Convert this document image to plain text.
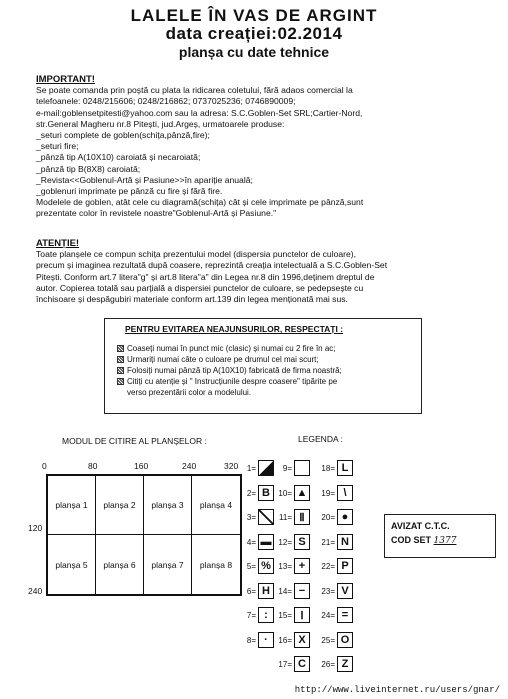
LALELE ÎN VAS DE ARGINT
data creației:02.2014
planșa cu date tehnice
IMPORTANT!
Se poate comanda prin poștă cu plata la ridicarea coletului, fără adaos comercial la
telefoanele: 0248/215606; 0248/216862; 0737025236; 0746890009;
e-mail:goblensetpitesti@yahoo.com sau la adresa: S.C.Goblen-Set SRL;Cartier-Nord,
str.General Magheru nr.8 Pitești, jud.Argeș, urmatoarele produse:
_seturi complete de goblen(schița,pânză,fire);
_seturi fire;
_pânză tip A(10X10) caroiată și necaroiată;
_pânză tip B(8X8) caroiată;
_Revista<<Goblenul-Artă și Pasiune>>în apariție anuală;
_goblenuri imprimate pe pânză cu fire și fără fire.
Modelele de goblen, atât cele cu diagramă(schița) cât și cele imprimate pe pânză,sunt
prezentate color în revistele noastre"Goblenul-Artă și Pasiune."
ATENȚIE!
Toate planșele ce compun schița prezentului model (dispersia punctelor de culoare),
precum și imaginea rezultată după coasere, reprezintă creația intelectuală a S.C.Goblen-Set
Pitești. Conform art.7 litera"g" și art.8 litera"a" din Legea nr.8 din 1996,deținem dreptul de
autor. Copierea totală sau parțială a dispersiei punctelor de culoare, se pedepsește cu
închisoare și despăgubiri materiale conform art.139 din legea menționată mai sus.
PENTRU EVITAREA NEAJUNSURILOR, RESPECTAȚI :
Coaseți numai în punct mic (clasic) și numai cu 2 fire în ac;
Urmariți numai câte o culoare pe drumul cel mai scurt;
Folosiți numai pânză tip A(10X10) fabricată de firma noastră;
Citiți cu atenție și " Instrucțiunile despre coasere" tipărite pe
verso prezentării color a modelului.
MODUL DE CITIRE AL PLANȘELOR :	LEGENDA :
0	80	160	240	320
120
240
planșa 1	planșa 2	planșa 3	planșa 4
planșa 5	planșa 6	planșa 7	planșa 8
1=
2= B
3=
4= ▬
5= %
6= H
7= :
8= ·
9=
10= ▲
11= Ⅱ
12= S
13= +
14= −
15= Ⅰ
16= X
17= C
18= L
19= \
20= ●
21= N
22= P
23= V
24= =
25= O
26= Z
AVIZAT C.T.C.
COD SET 1377
http://www.liveinternet.ru/users/gnar/
